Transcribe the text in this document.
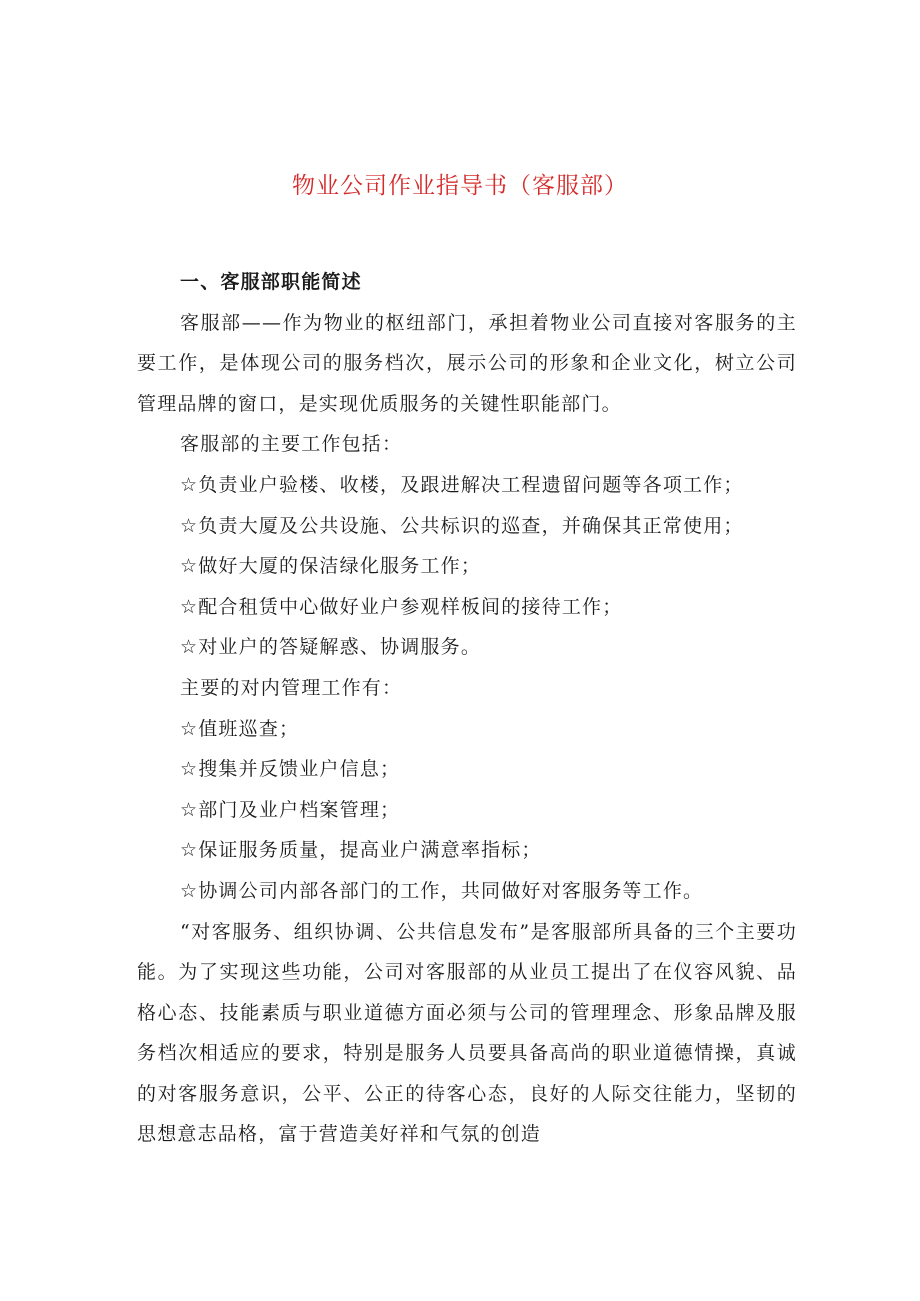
物业公司作业指导书（客服部）

一、客服部职能简述

客服部——作为物业的枢纽部门，承担着物业公司直接对客服务的主要工作，是体现公司的服务档次，展示公司的形象和企业文化，树立公司管理品牌的窗口，是实现优质服务的关键性职能部门。

客服部的主要工作包括：

☆负责业户验楼、收楼，及跟进解决工程遗留问题等各项工作；

☆负责大厦及公共设施、公共标识的巡查，并确保其正常使用；

☆做好大厦的保洁绿化服务工作；

☆配合租赁中心做好业户参观样板间的接待工作；

☆对业户的答疑解惑、协调服务。

主要的对内管理工作有：

☆值班巡查；

☆搜集并反馈业户信息；

☆部门及业户档案管理；

☆保证服务质量，提高业户满意率指标；

☆协调公司内部各部门的工作，共同做好对客服务等工作。

“对客服务、组织协调、公共信息发布”是客服部所具备的三个主要功能。为了实现这些功能，公司对客服部的从业员工提出了在仪容风貌、品格心态、技能素质与职业道德方面必须与公司的管理理念、形象品牌及服务档次相适应的要求，特别是服务人员要具备高尚的职业道德情操，真诚的对客服务意识，公平、公正的待客心态，良好的人际交往能力，坚韧的思想意志品格，富于营造美好祥和气氛的创造
